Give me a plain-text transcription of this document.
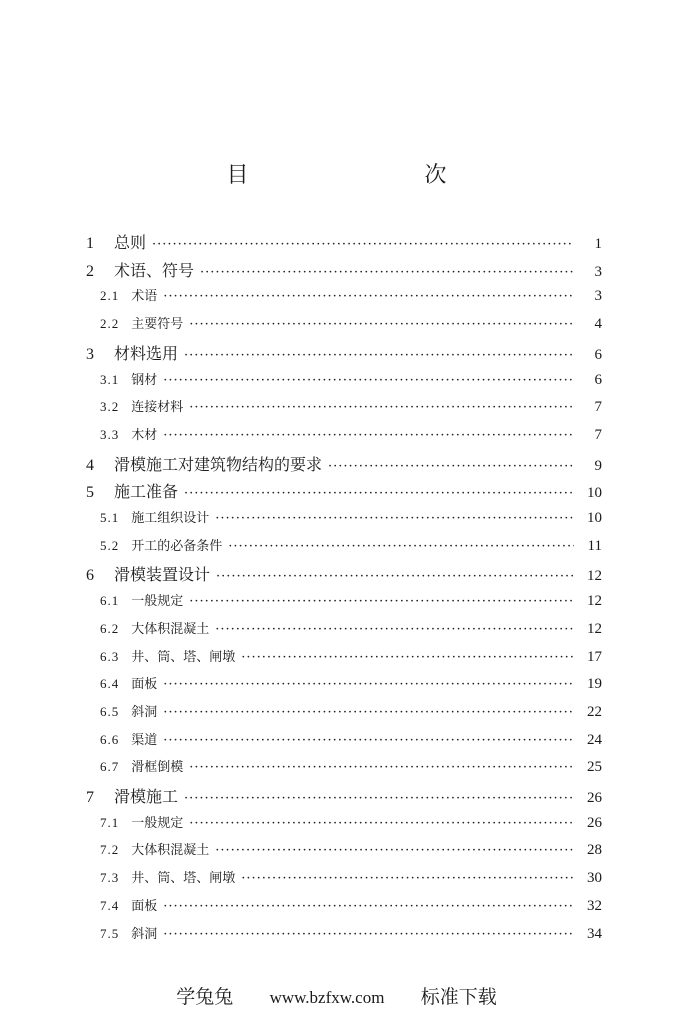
目　　次
1	总则 ·····	1
2	术语、符号 ·····	3
2.1 术语 ·····	3
2.2 主要符号 ·····	4
3	材料选用 ·····	6
3.1 钢材 ·····	6
3.2 连接材料 ·····	7
3.3 木材 ·····	7
4	滑模施工对建筑物结构的要求 ·····	9
5	施工准备 ·····	10
5.1 施工组织设计 ·····	10
5.2 开工的必备条件 ·····	11
6	滑模装置设计 ·····	12
6.1 一般规定 ·····	12
6.2 大体积混凝土 ·····	12
6.3 井、筒、塔、闸墩 ·····	17
6.4 面板 ·····	19
6.5 斜洞 ·····	22
6.6 渠道 ·····	24
6.7 滑框倒模 ·····	25
7	滑模施工 ·····	26
7.1 一般规定 ·····	26
7.2 大体积混凝土 ·····	28
7.3 井、筒、塔、闸墩 ·····	30
7.4 面板 ·····	32
7.5 斜洞 ·····	34
学兔兔 www.bzfxw.com 标准下载
